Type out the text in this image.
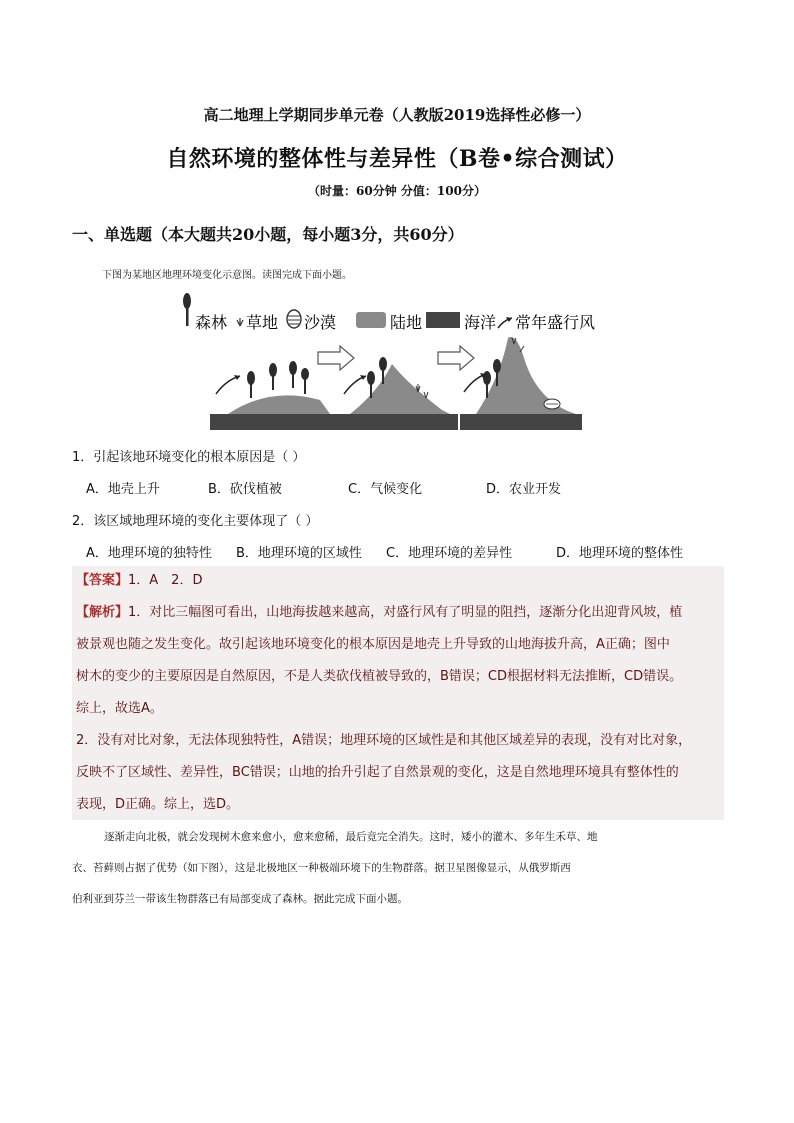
高二地理上学期同步单元卷（人教版2019选择性必修一）
自然环境的整体性与差异性（B卷•综合测试）
（时量：60分钟 分值：100分）
一、单选题（本大题共20小题，每小题3分，共60分）
下图为某地区地理环境变化示意图。读图完成下面小题。
森林 草地 沙漠	陆地	海洋 常年盛行风
1．引起该地环境变化的根本原因是（ ）
A．地壳上升	B．砍伐植被	C．气候变化	D．农业开发
2．该区域地理环境的变化主要体现了（ ）
A．地理环境的独特性 B．地理环境的区域性 C．地理环境的差异性	D．地理环境的整体性
【答案】1．A　2．D
【解析】1．对比三幅图可看出，山地海拔越来越高，对盛行风有了明显的阻挡，逐渐分化出迎背风坡，植
被景观也随之发生变化。故引起该地环境变化的根本原因是地壳上升导致的山地海拔升高，A正确；图中
树木的变少的主要原因是自然原因，不是人类砍伐植被导致的，B错误；CD根据材料无法推断，CD错误。
综上，故选A。
2．没有对比对象，无法体现独特性，A错误；地理环境的区域性是和其他区域差异的表现，没有对比对象，
反映不了区域性、差异性，BC错误；山地的抬升引起了自然景观的变化，这是自然地理环境具有整体性的
表现，D正确。综上，选D。
逐渐走向北极，就会发现树木愈来愈小，愈来愈稀，最后竟完全消失。这时，矮小的灌木、多年生禾草、地
衣、苔藓则占据了优势（如下图），这是北极地区一种极端环境下的生物群落。据卫星图像显示，从俄罗斯西
伯利亚到芬兰一带该生物群落已有局部变成了森林。据此完成下面小题。
